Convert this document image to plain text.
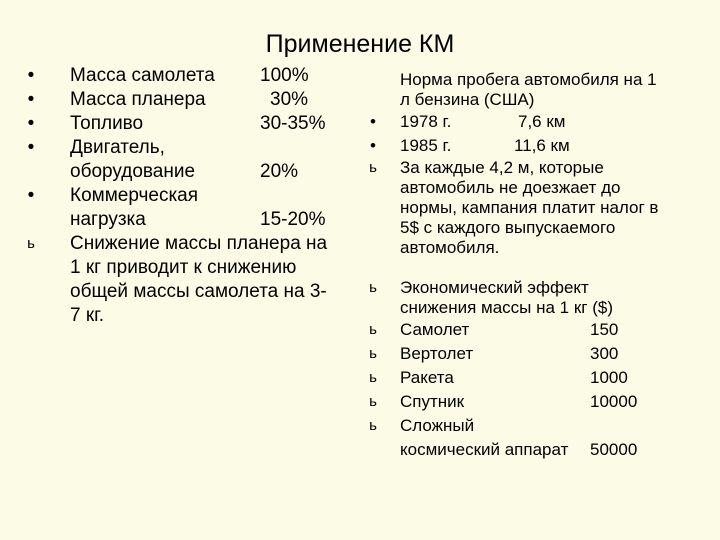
Применение КМ
• Масса самолета 100%
• Масса планера	30%
• Топливо	30-35%
• Двигатель,
оборудование	20%
• Коммерческая
нагрузка	15-20%
ь Снижение массы планера на
1 кг приводит к снижению
общей массы самолета на 3-
7 кг.
Норма пробега автомобиля на 1
л бензина (США)
• 1978 г.	7,6 км
• 1985 г.	11,6 км
ь За каждые 4,2 м, которые
автомобиль не доезжает до
нормы, кампания платит налог в
5$ с каждого выпускаемого
автомобиля.
ь Экономический эффект
снижения массы на 1 кг ($)
ь Самолет	150
ь Вертолет	300
ь Ракета	1000
ь Спутник	10000
ь Сложный
космический аппарат	50000
